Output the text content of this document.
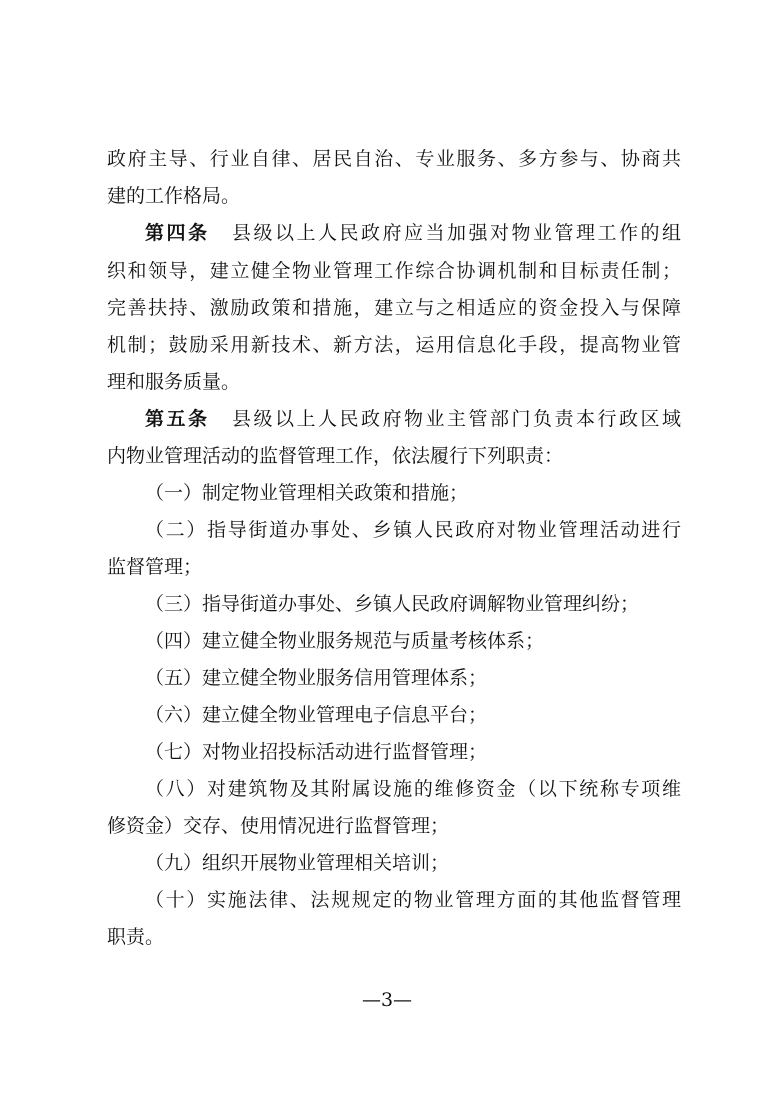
政府主导、行业自律、居民自治、专业服务、多方参与、协商共
建的工作格局。
第四条 县级以上人民政府应当加强对物业管理工作的组
织和领导，建立健全物业管理工作综合协调机制和目标责任制；
完善扶持、激励政策和措施，建立与之相适应的资金投入与保障
机制；鼓励采用新技术、新方法，运用信息化手段，提高物业管
理和服务质量。
第五条 县级以上人民政府物业主管部门负责本行政区域
内物业管理活动的监督管理工作，依法履行下列职责：
（一）制定物业管理相关政策和措施；
（二）指导街道办事处、乡镇人民政府对物业管理活动进行
监督管理；
（三）指导街道办事处、乡镇人民政府调解物业管理纠纷；
（四）建立健全物业服务规范与质量考核体系；
（五）建立健全物业服务信用管理体系；
（六）建立健全物业管理电子信息平台；
（七）对物业招投标活动进行监督管理；
（八）对建筑物及其附属设施的维修资金（以下统称专项维
修资金）交存、使用情况进行监督管理；
（九）组织开展物业管理相关培训；
（十）实施法律、法规规定的物业管理方面的其他监督管理
职责。
—3—
